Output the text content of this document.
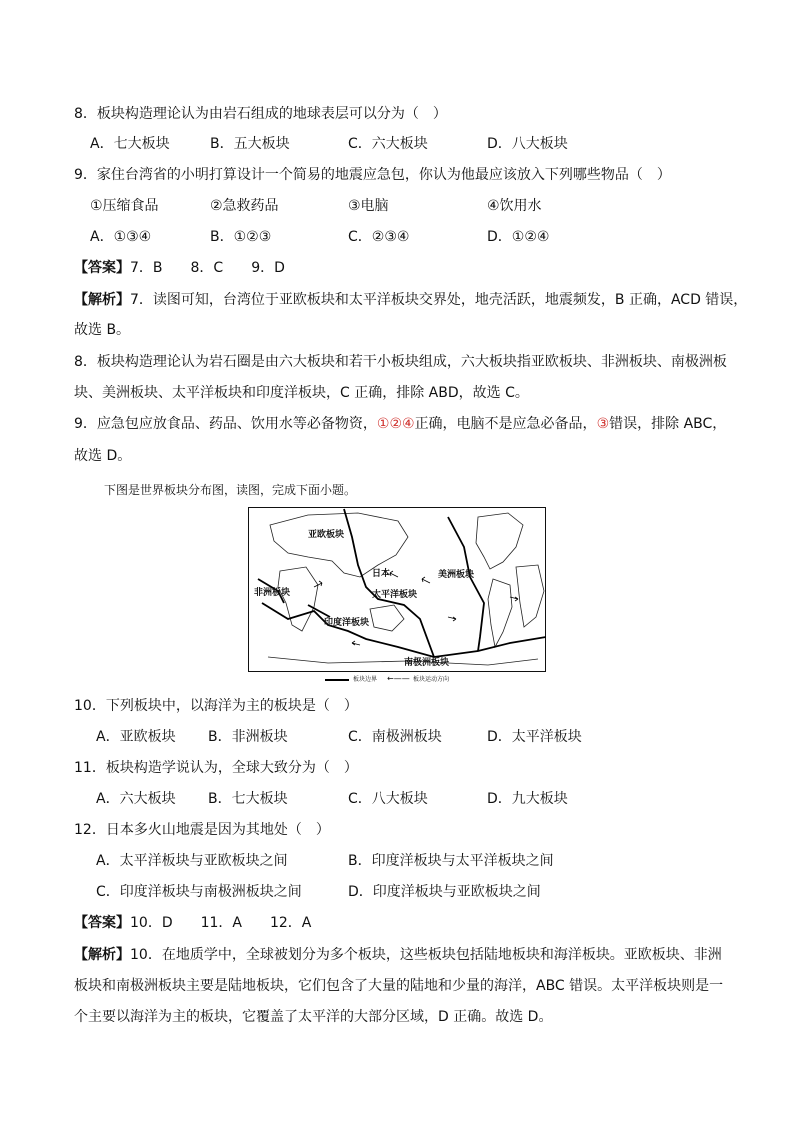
8．板块构造理论认为由岩石组成的地球表层可以分为（　）
A．七大板块	B．五大板块	C．六大板块	D．八大板块
9．家住台湾省的小明打算设计一个简易的地震应急包，你认为他最应该放入下列哪些物品（　）
①压缩食品	②急救药品	③电脑	④饮用水
A．①③④	B．①②③	C．②③④	D．①②④
【答案】7．B　　8．C　　9．D
【解析】7．读图可知，台湾位于亚欧板块和太平洋板块交界处，地壳活跃，地震频发，B 正确，ACD 错误，
故选 B。
8．板块构造理论认为岩石圈是由六大板块和若干小板块组成，六大板块指亚欧板块、非洲板块、南极洲板
块、美洲板块、太平洋板块和印度洋板块，C 正确，排除 ABD，故选 C。
9．应急包应放食品、药品、饮用水等必备物资，①②④正确，电脑不是应急必备品，③错误，排除 ABC，
故选 D。
下图是世界板块分布图，读图，完成下面小题。
亚欧板块
非洲板块
印度洋板块
太平洋板块
日本	美洲板块
南极洲板块
板块边界 ←—— 板块运动方向
10．下列板块中，以海洋为主的板块是（　）
A．亚欧板块 B．非洲板块	C．南极洲板块	D．太平洋板块
11．板块构造学说认为，全球大致分为（　）
A．六大板块 B．七大板块	C．八大板块	D．九大板块
12．日本多火山地震是因为其地处（　）
A．太平洋板块与亚欧板块之间	B．印度洋板块与太平洋板块之间
C．印度洋板块与南极洲板块之间	D．印度洋板块与亚欧板块之间
【答案】10．D　　11．A　　12．A
【解析】10．在地质学中，全球被划分为多个板块，这些板块包括陆地板块和海洋板块。亚欧板块、非洲
板块和南极洲板块主要是陆地板块，它们包含了大量的陆地和少量的海洋，ABC 错误。太平洋板块则是一
个主要以海洋为主的板块，它覆盖了太平洋的大部分区域，D 正确。故选 D。
